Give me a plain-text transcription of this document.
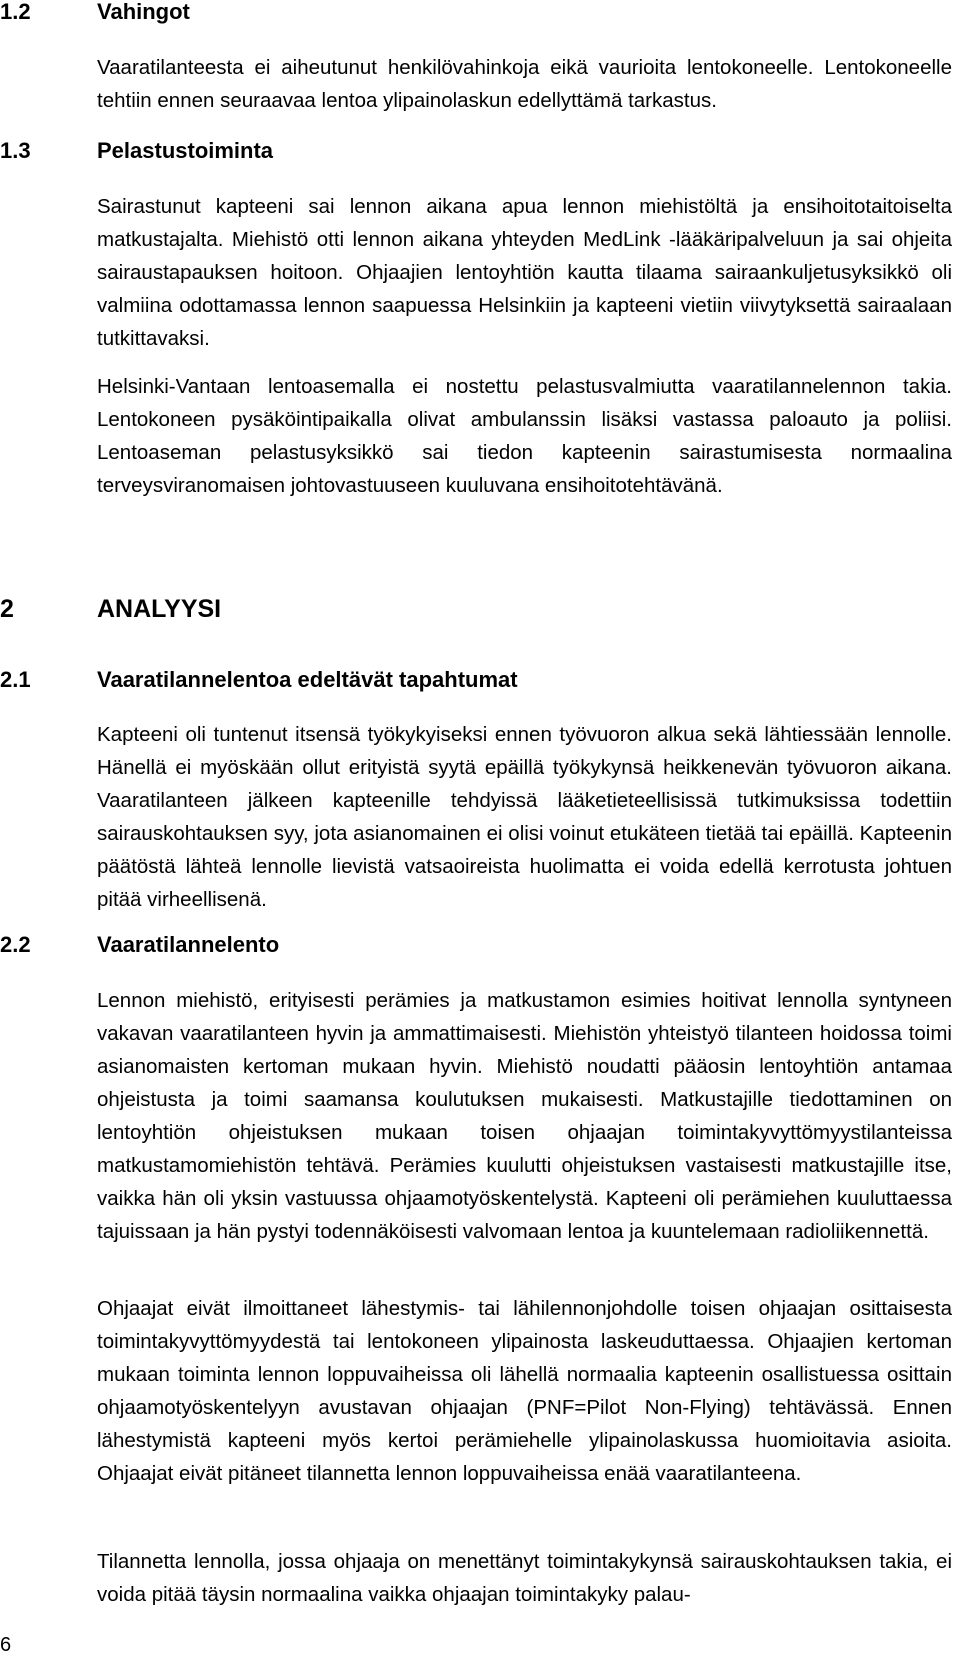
1.2	Vahingot

Vaaratilanteesta ei aiheutunut henkilövahinkoja eikä vaurioita lentokoneelle. Lentokoneelle tehtiin ennen seuraavaa lentoa ylipainolaskun edellyttämä tarkastus.

1.3	Pelastustoiminta

Sairastunut kapteeni sai lennon aikana apua lennon miehistöltä ja ensihoitotaitoiselta matkustajalta. Miehistö otti lennon aikana yhteyden MedLink -lääkäripalveluun ja sai ohjeita sairaustapauksen hoitoon. Ohjaajien lentoyhtiön kautta tilaama sairaankuljetusyksikkö oli valmiina odottamassa lennon saapuessa Helsinkiin ja kapteeni vietiin viivytyksettä sairaalaan tutkittavaksi.

Helsinki-Vantaan lentoasemalla ei nostettu pelastusvalmiutta vaaratilannelennon takia. Lentokoneen pysäköintipaikalla olivat ambulanssin lisäksi vastassa paloauto ja poliisi. Lentoaseman pelastusyksikkö sai tiedon kapteenin sairastumisesta normaalina terveysviranomaisen johtovastuuseen kuuluvana ensihoitotehtävänä.

2	ANALYYSI
2.1	Vaaratilannelentoa edeltävät tapahtumat

Kapteeni oli tuntenut itsensä työkykyiseksi ennen työvuoron alkua sekä lähtiessään lennolle. Hänellä ei myöskään ollut erityistä syytä epäillä työkykynsä heikkenevän työvuoron aikana. Vaaratilanteen jälkeen kapteenille tehdyissä lääketieteellisissä tutkimuksissa todettiin sairauskohtauksen syy, jota asianomainen ei olisi voinut etukäteen tietää tai epäillä. Kapteenin päätöstä lähteä lennolle lievistä vatsaoireista huolimatta ei voida edellä kerrotusta johtuen pitää virheellisenä.

2.2	Vaaratilannelento

Lennon miehistö, erityisesti perämies ja matkustamon esimies hoitivat lennolla syntyneen vakavan vaaratilanteen hyvin ja ammattimaisesti. Miehistön yhteistyö tilanteen hoidossa toimi asianomaisten kertoman mukaan hyvin. Miehistö noudatti pääosin lentoyhtiön antamaa ohjeistusta ja toimi saamansa koulutuksen mukaisesti. Matkustajille tiedottaminen on lentoyhtiön ohjeistuksen mukaan toisen ohjaajan toimintakyvyttömyystilanteissa matkustamomiehistön tehtävä. Perämies kuulutti ohjeistuksen vastaisesti matkustajille itse, vaikka hän oli yksin vastuussa ohjaamotyöskentelystä. Kapteeni oli perämiehen kuuluttaessa tajuissaan ja hän pystyi todennäköisesti valvomaan lentoa ja kuuntelemaan radioliikennettä.

Ohjaajat eivät ilmoittaneet lähestymis- tai lähilennonjohdolle toisen ohjaajan osittaisesta toimintakyvyttömyydestä tai lentokoneen ylipainosta laskeuduttaessa. Ohjaajien kertoman mukaan toiminta lennon loppuvaiheissa oli lähellä normaalia kapteenin osallistuessa osittain ohjaamotyöskentelyyn avustavan ohjaajan (PNF=Pilot Non-Flying) tehtävässä. Ennen lähestymistä kapteeni myös kertoi perämiehelle ylipainolaskussa huomioitavia asioita. Ohjaajat eivät pitäneet tilannetta lennon loppuvaiheissa enää vaaratilanteena.

Tilannetta lennolla, jossa ohjaaja on menettänyt toimintakykynsä sairauskohtauksen takia, ei voida pitää täysin normaalina vaikka ohjaajan toimintakyky palau-

6
